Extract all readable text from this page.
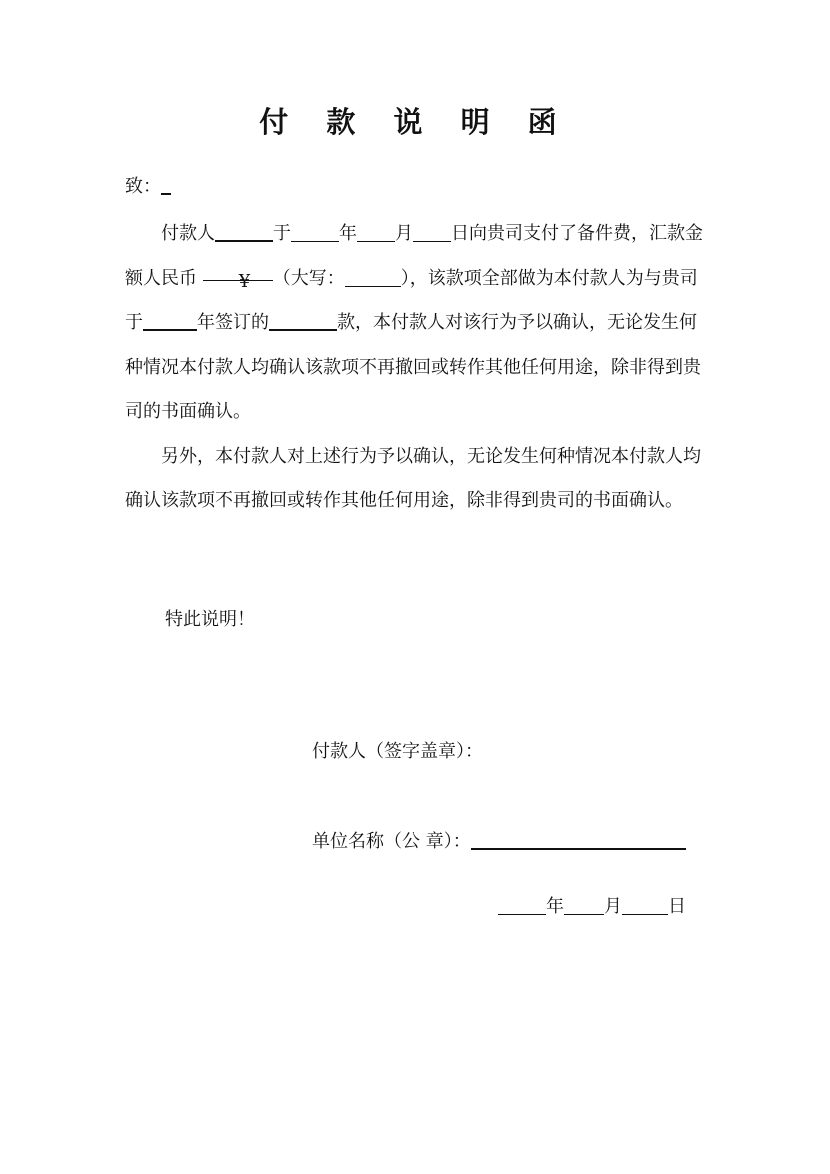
付 款 说 明 函
致：

付款人	于	年 月 日向贵司支付了备件费，汇款金额人民币 ¥ （大写：	），该款项全部做为本付款人为与贵司于	年签订的	款，本付款人对该行为予以确认，无论发生何种情况本付款人均确认该款项不再撤回或转作其他任何用途，除非得到贵司的书面确认。

另外，本付款人对上述行为予以确认，无论发生何种情况本付款人均确认该款项不再撤回或转作其他任何用途，除非得到贵司的书面确认。

特此说明！
付款人（签字盖章）：
单位名称（公 章）：
年 月	日
